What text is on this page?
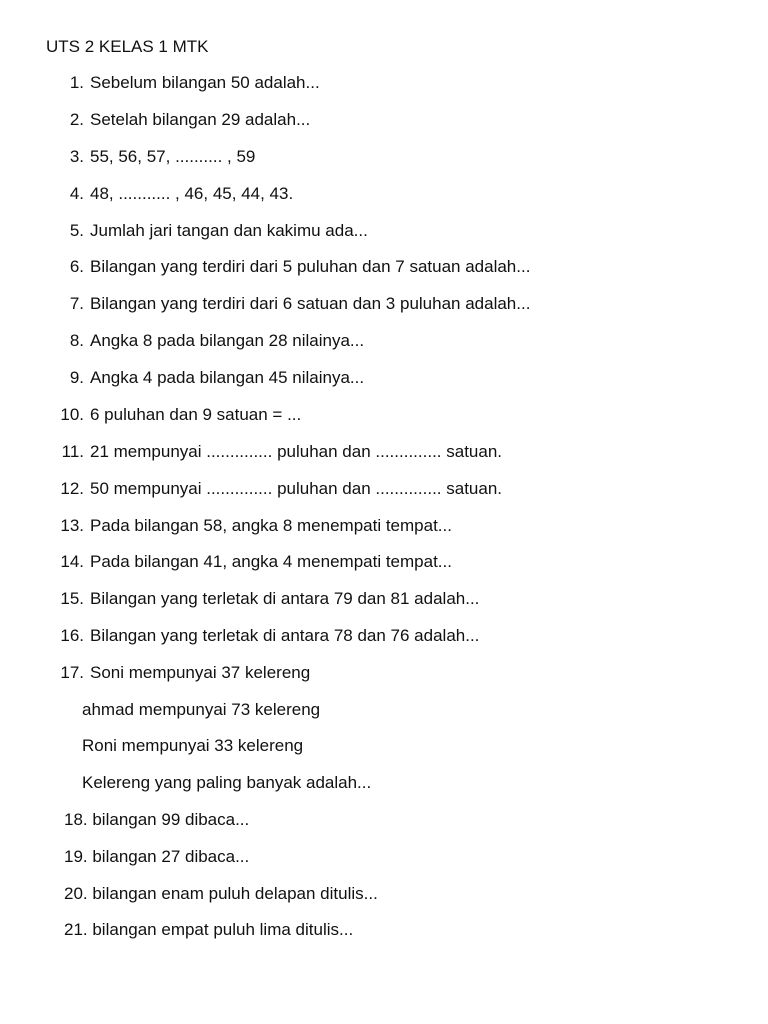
UTS 2 KELAS 1 MTK
1. Sebelum bilangan 50 adalah...
2. Setelah bilangan 29 adalah...
3. 55, 56, 57, .......... , 59
4. 48, ........... , 46, 45, 44, 43.
5. Jumlah jari tangan dan kakimu ada...
6. Bilangan yang terdiri dari 5 puluhan dan 7 satuan adalah...
7. Bilangan yang terdiri dari 6 satuan dan 3 puluhan adalah...
8. Angka 8 pada bilangan 28 nilainya...
9. Angka 4 pada bilangan 45 nilainya...
10. 6 puluhan dan 9 satuan = ...
11. 21 mempunyai .............. puluhan dan .............. satuan.
12. 50 mempunyai .............. puluhan dan .............. satuan.
13. Pada bilangan 58, angka 8 menempati tempat...
14. Pada bilangan 41, angka 4 menempati tempat...
15. Bilangan yang terletak di antara 79 dan 81 adalah...
16. Bilangan yang terletak di antara 78 dan 76 adalah...
17. Soni mempunyai 37 kelereng
ahmad mempunyai 73 kelereng
Roni mempunyai 33 kelereng
Kelereng yang paling banyak adalah...
18. bilangan 99 dibaca...
19. bilangan 27 dibaca...
20. bilangan enam puluh delapan ditulis...
21. bilangan empat puluh lima ditulis...
